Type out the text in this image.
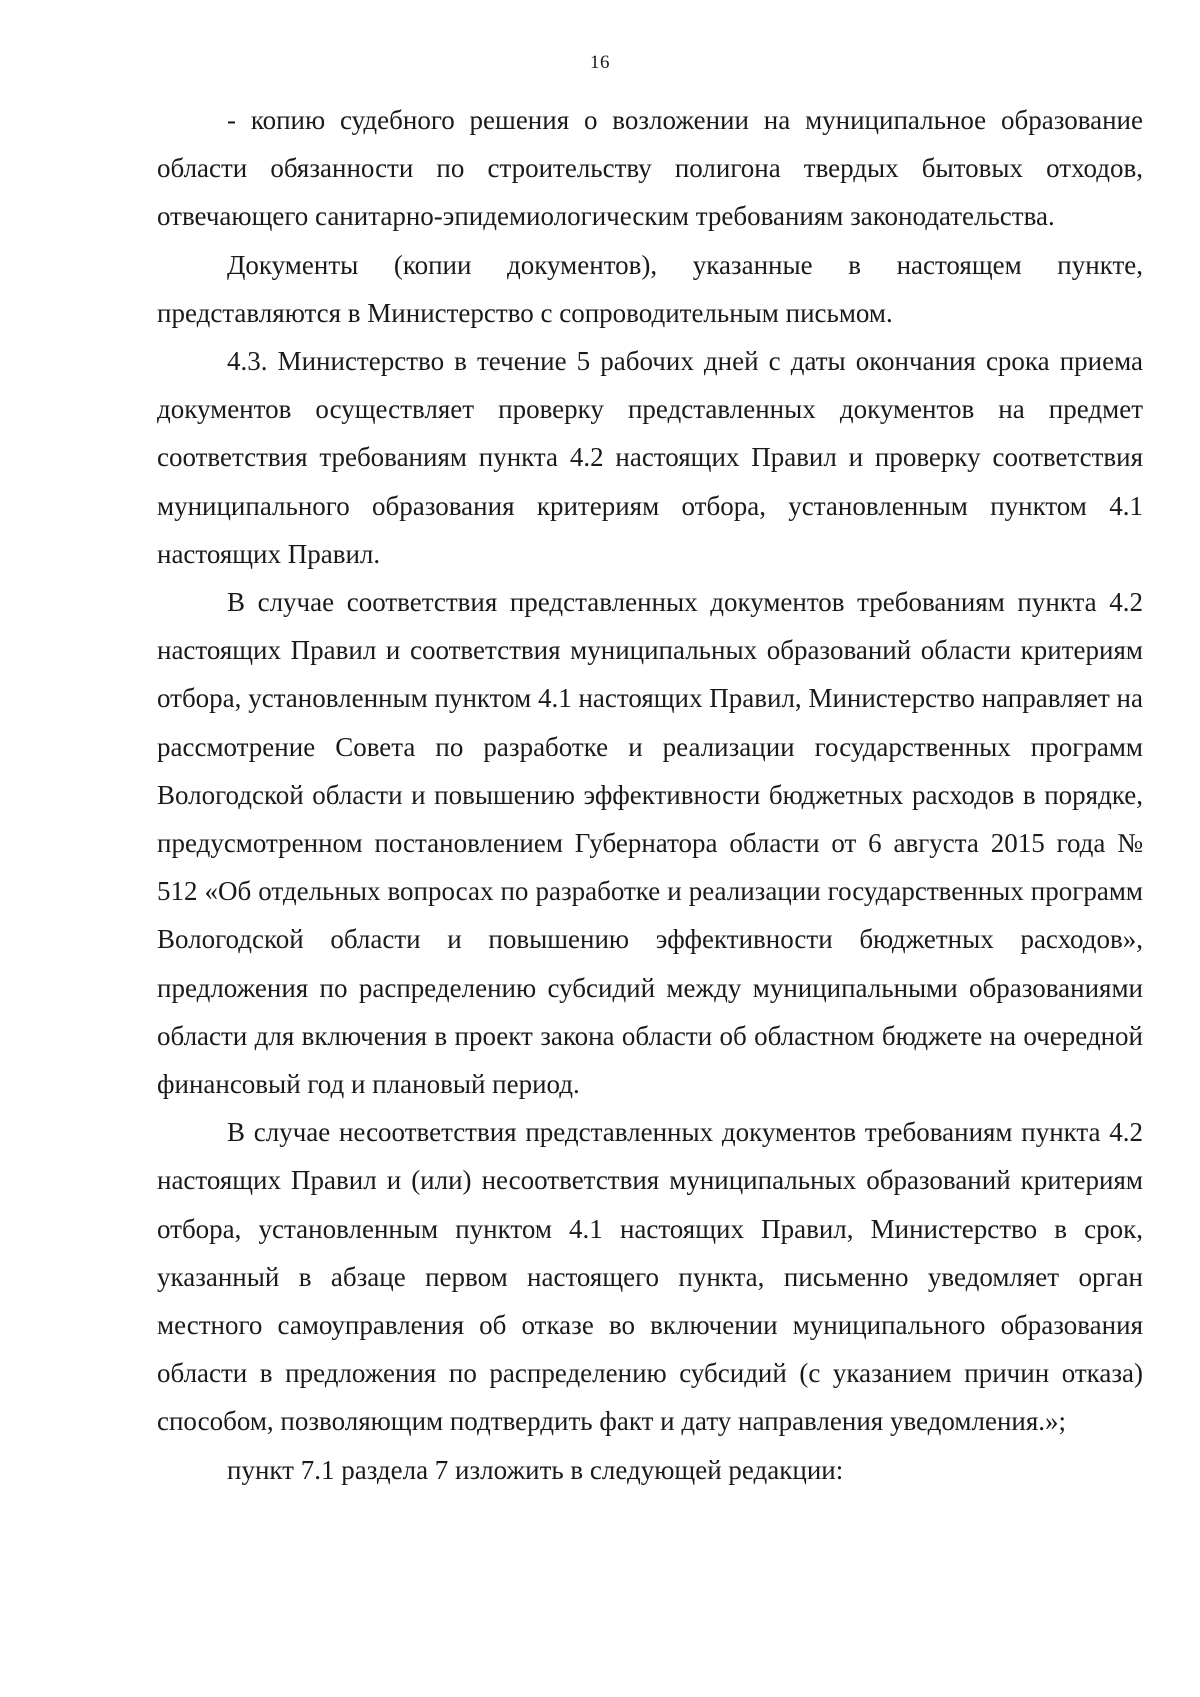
16

- копию судебного решения о возложении на муниципальное образование области обязанности по строительству полигона твердых бытовых отходов, отвечающего санитарно-эпидемиологическим требованиям законодательства.

Документы (копии документов), указанные в настоящем пункте, представляются в Министерство с сопроводительным письмом.

4.3. Министерство в течение 5 рабочих дней с даты окончания срока приема документов осуществляет проверку представленных документов на предмет соответствия требованиям пункта 4.2 настоящих Правил и проверку соответствия муниципального образования критериям отбора, установленным пунктом 4.1 настоящих Правил.

В случае соответствия представленных документов требованиям пункта 4.2 настоящих Правил и соответствия муниципальных образований области критериям отбора, установленным пунктом 4.1 настоящих Правил, Министерство направляет на рассмотрение Совета по разработке и реализации государственных программ Вологодской области и повышению эффективности бюджетных расходов в порядке, предусмотренном постановлением Губернатора области от 6 августа 2015 года № 512 «Об отдельных вопросах по разработке и реализации государственных программ Вологодской области и повышению эффективности бюджетных расходов», предложения по распределению субсидий между муниципальными образованиями области для включения в проект закона области об областном бюджете на очередной финансовый год и плановый период.

В случае несоответствия представленных документов требованиям пункта 4.2 настоящих Правил и (или) несоответствия муниципальных образований критериям отбора, установленным пунктом 4.1 настоящих Правил, Министерство в срок, указанный в абзаце первом настоящего пункта, письменно уведомляет орган местного самоуправления об отказе во включении муниципального образования области в предложения по распределению субсидий (с указанием причин отказа) способом, позволяющим подтвердить факт и дату направления уведомления.»;

пункт 7.1 раздела 7 изложить в следующей редакции:
